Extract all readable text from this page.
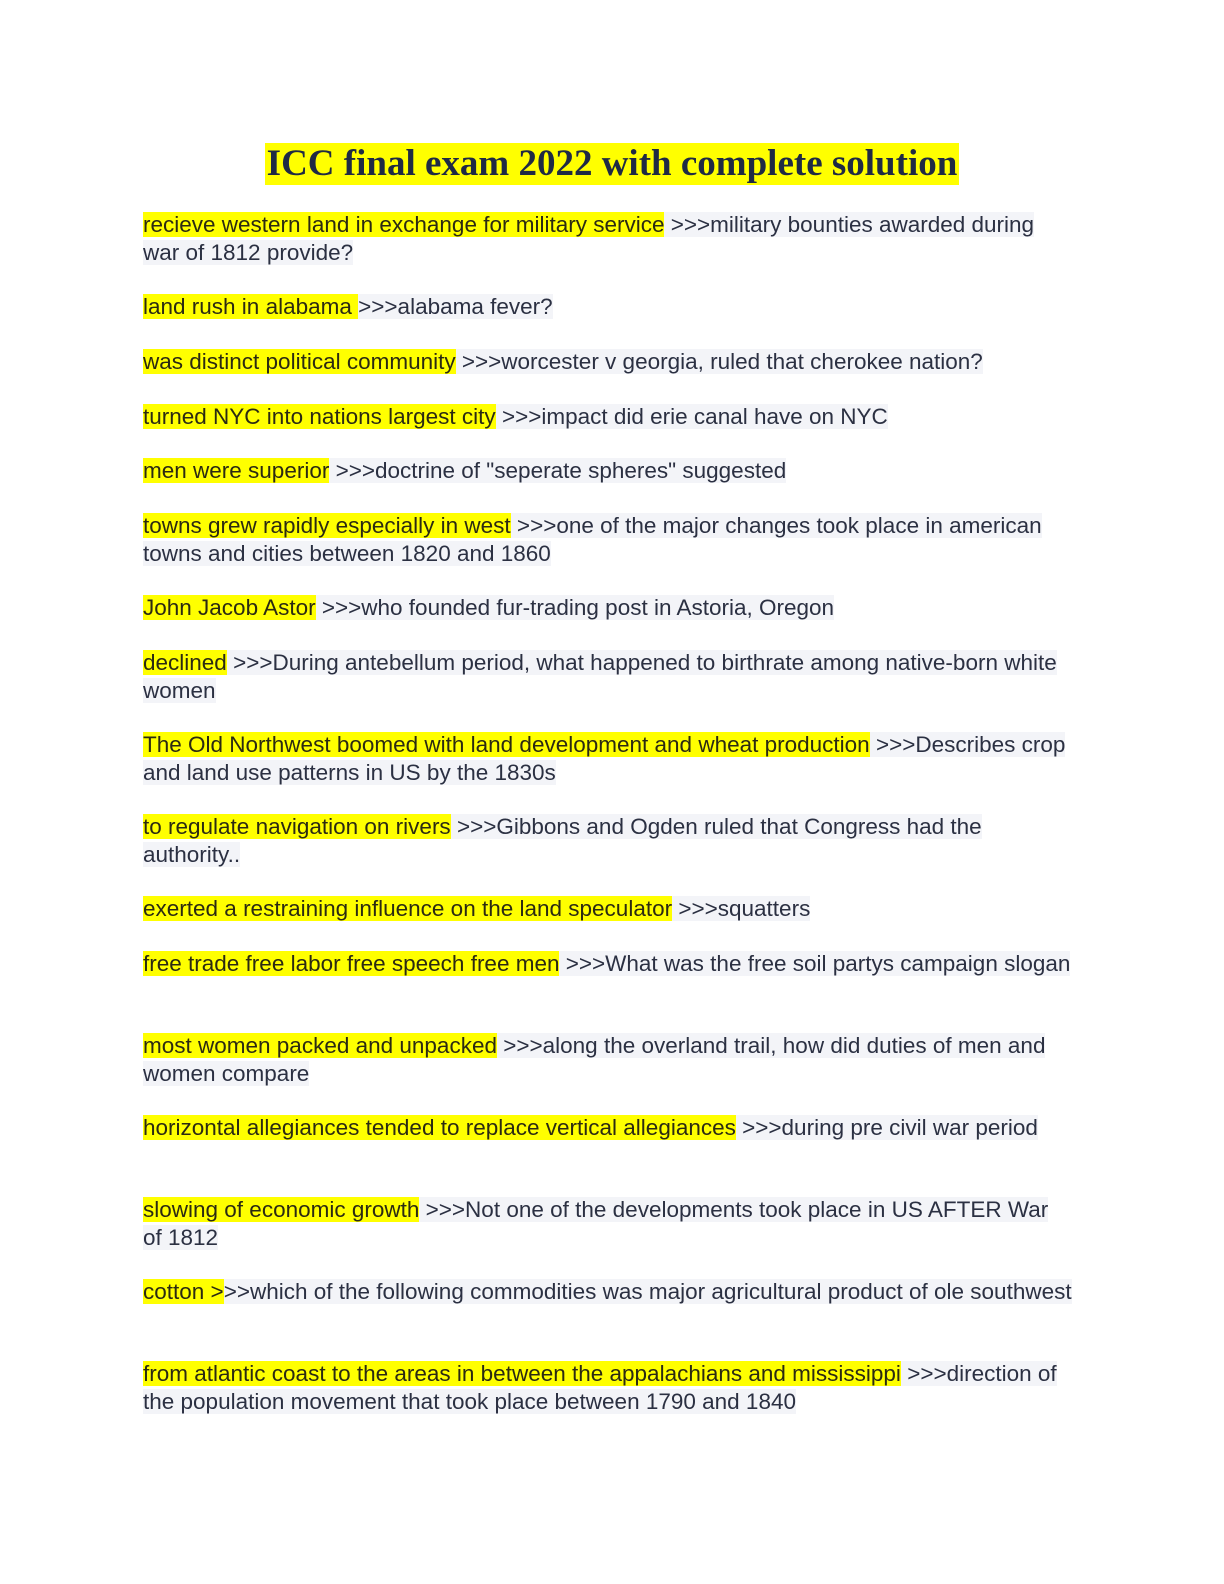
ICC final exam 2022 with complete solution

recieve western land in exchange for military service >>>military bounties awarded during war of 1812 provide?

land rush in alabama >>>alabama fever?

was distinct political community >>>worcester v georgia, ruled that cherokee nation?

turned NYC into nations largest city >>>impact did erie canal have on NYC

men were superior >>>doctrine of "seperate spheres" suggested

towns grew rapidly especially in west >>>one of the major changes took place in american towns and cities between 1820 and 1860

John Jacob Astor >>>who founded fur-trading post in Astoria, Oregon

declined >>>During antebellum period, what happened to birthrate among native-born white women

The Old Northwest boomed with land development and wheat production >>>Describes crop and land use patterns in US by the 1830s

to regulate navigation on rivers >>>Gibbons and Ogden ruled that Congress had the authority..

exerted a restraining influence on the land speculator >>>squatters

free trade free labor free speech free men >>>What was the free soil partys campaign slogan

most women packed and unpacked >>>along the overland trail, how did duties of men and women compare

horizontal allegiances tended to replace vertical allegiances >>>during pre civil war period

slowing of economic growth >>>Not one of the developments took place in US AFTER War of 1812

cotton >>>which of the following commodities was major agricultural product of ole southwest

from atlantic coast to the areas in between the appalachians and mississippi >>>direction of the population movement that took place between 1790 and 1840
